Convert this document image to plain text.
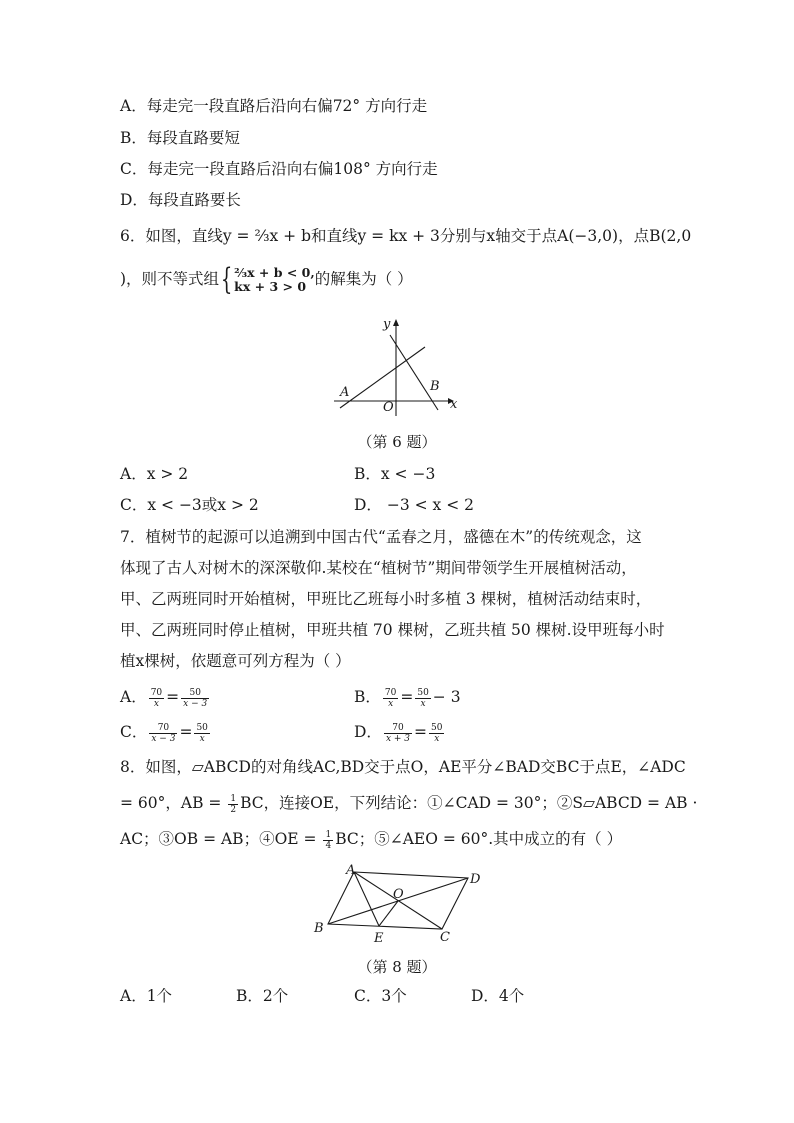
A．每走完一段直路后沿向右偏72° 方向行走
B．每段直路要短
C．每走完一段直路后沿向右偏108° 方向行走
D．每段直路要长
6．如图，直线y = ⅔x + b和直线y = kx + 3分别与x轴交于点A(−3,0)，点B(2,0
)，则不等式组{ ⅔x + b < 0,
kx + 3 > 0 的解集为（ ）
y
x
O
A	B
（第 6 题）
A．x > 2	B．x < −3
C．x < −3或x > 2	D． −3 < x < 2
7．植树节的起源可以追溯到中国古代“孟春之月，盛德在木”的传统观念，这
体现了古人对树木的深深敬仰.某校在“植树节”期间带领学生开展植树活动，
甲、乙两班同时开始植树，甲班比乙班每小时多植 3 棵树，植树活动结束时，
甲、乙两班同时停止植树，甲班共植 70 棵树，乙班共植 50 棵树.设甲班每小时
植x棵树，依题意可列方程为（ ）
A． $\frac{70}{x} = \frac{50}{x - 3}$	B． $\frac{70}{x} = \frac{50}{x} - 3$
C． $\frac{70}{x - 3} = \frac{50}{x}$	D． $\frac{70}{x + 3} = \frac{50}{x}$
8．如图，▱ABCD的对角线AC,BD交于点O，AE平分∠BAD交BC于点E，∠ADC
= 60°，AB = $\frac{1}{2}$ BC，连接OE，下列结论：①∠CAD = 30°；②S▱ABCD = AB ·
AC；③OB = AB；④OE = $\frac{1}{4}$ BC；⑤∠AEO = 60°.其中成立的有（ ）
A
D
O
B
E	C
（第 8 题）
A．1个	B．2个	C．3个	D．4个
